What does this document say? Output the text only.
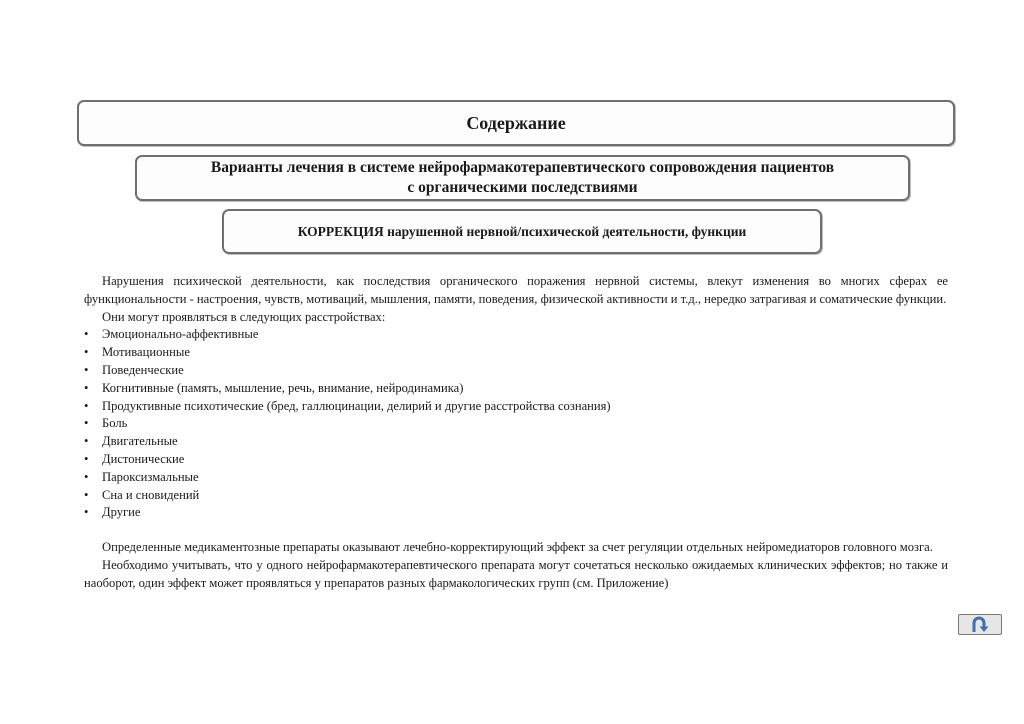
Содержание
Варианты лечения в системе нейрофармакотерапевтического сопровождения пациентов
с органическими последствиями
КОРРЕКЦИЯ нарушенной нервной/психической деятельности, функции

Нарушения психической деятельности, как последствия органического поражения нервной системы, влекут изменения во многих сферах ее функциональности - настроения, чувств, мотиваций, мышления, памяти, поведения, физической активности и т.д., нередко затрагивая и соматические функции.

Они могут проявляться в следующих расстройствах:

• Эмоционально-аффективные
• Мотивационные
• Поведенческие
• Когнитивные (память, мышление, речь, внимание, нейродинамика)
• Продуктивные психотические (бред, галлюцинации, делирий и другие расстройства сознания)
• Боль
• Двигательные
• Дистонические
• Пароксизмальные
• Сна и сновидений
• Другие

Определенные медикаментозные препараты оказывают лечебно-корректирующий эффект за счет регуляции отдельных нейромедиаторов головного мозга.

Необходимо учитывать, что у одного нейрофармакотерапевтического препарата могут сочетаться несколько ожидаемых клинических эффектов; но также и наоборот, один эффект может проявляться у препаратов разных фармакологических групп (см. Приложение)
